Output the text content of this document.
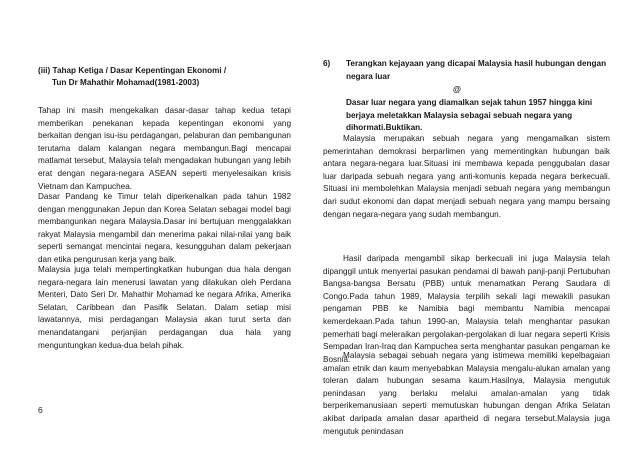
(iii) Tahap Ketiga / Dasar Kepentingan Ekonomi /
Tun Dr Mahathir Mohamad(1981-2003)

Tahap ini masih mengekalkan dasar-dasar tahap kedua tetapi memberikan penekanan kepada kepentingan ekonomi yang berkaitan dengan isu-isu perdagangan, pelaburan dan pembangunan terutama dalam kalangan negara membangun.Bagi mencapai matlamat tersebut, Malaysia telah mengadakan hubungan yang lebih erat dengan negara-negara ASEAN seperti menyelesaikan krisis Vietnam dan Kampuchea.

Dasar Pandang ke Timur telah diperkenalkan pada tahun 1982 dengan menggunakan Jepun dan Korea Selatan sebagai model bagi membangunkan negara Malaysia.Dasar ini bertujuan menggalakkan rakyat Malaysia mengambil dan menerima pakai nilai-nilai yang baik seperti semangat mencintai negara, kesungguhan dalam pekerjaan dan etika pengurusan kerja yang baik.

Malaysia juga telah mempertingkatkan hubungan dua hala dengan negara-negara lain menerusi lawatan yang dilakukan oleh Perdana Menteri, Dato Seri Dr. Mahathir Mohamad ke negara Afrika, Amerika Selatan, Caribbean dan Pasifik Selatan. Dalam setiap misi lawatannya, misi perdagangan Malaysia akan turut serta dan menandatangani perjanjian perdagangan dua hala yang menguntungkan kedua-dua belah pihak.

6
6) Terangkan kejayaan yang dicapai Malaysia hasil hubungan dengan negara luar
@
Dasar luar negara yang diamalkan sejak tahun 1957 hingga kini berjaya meletakkan Malaysia sebagai sebuah negara yang dihormati.Buktikan.

Malaysia merupakan sebuah negara yang mengamalkan sistem pemerintahan demokrasi berparlimen yang mementingkan hubungan baik antara negara-negara luar.Situasi ini membawa kepada penggubalan dasar luar daripada sebuah negara yang anti-komunis kepada negara berkecuali. Situasi ini membolehkan Malaysia menjadi sebuah negara yang membangun dari sudut ekonomi dan dapat menjadi sebuah negara yang mampu bersaing dengan negara-negara yang sudah membangun.

Hasil daripada mengambil sikap berkecuali ini juga Malaysia telah dipanggil untuk menyertai pasukan pendamai di bawah panji-panji Pertubuhan Bangsa-bangsa Bersatu (PBB) untuk menamatkan Perang Saudara di Congo.Pada tahun 1989, Malaysia terpilih sekali lagi mewakili pasukan pengaman PBB ke Namibia bagi membantu Namibia mencapai kemerdekaan.Pada tahun 1990-an, Malaysia telah menghantar pasukan pemerhati bagi meleraikan pergolakan-pergolakan di luar negara seperti Krisis Sempadan Iran-Iraq dan Kampuchea serta menghantar pasukan pengaman ke Bosnia.

Malaysia sebagai sebuah negara yang istimewa memiliki kepelbagaian amalan etnik dan kaum menyebabkan Malaysia mengalu-alukan amalan yang toleran dalam hubungan sesama kaum.Hasilnya, Malaysia mengutuk penindasan yang berlaku melalui amalan-amalan yang tidak berperikemanusiaan seperti memutuskan hubungan dengan Afrika Selatan akibat daripada amalan dasar apartheid di negara tersebut.Malaysia juga mengutuk penindasan
